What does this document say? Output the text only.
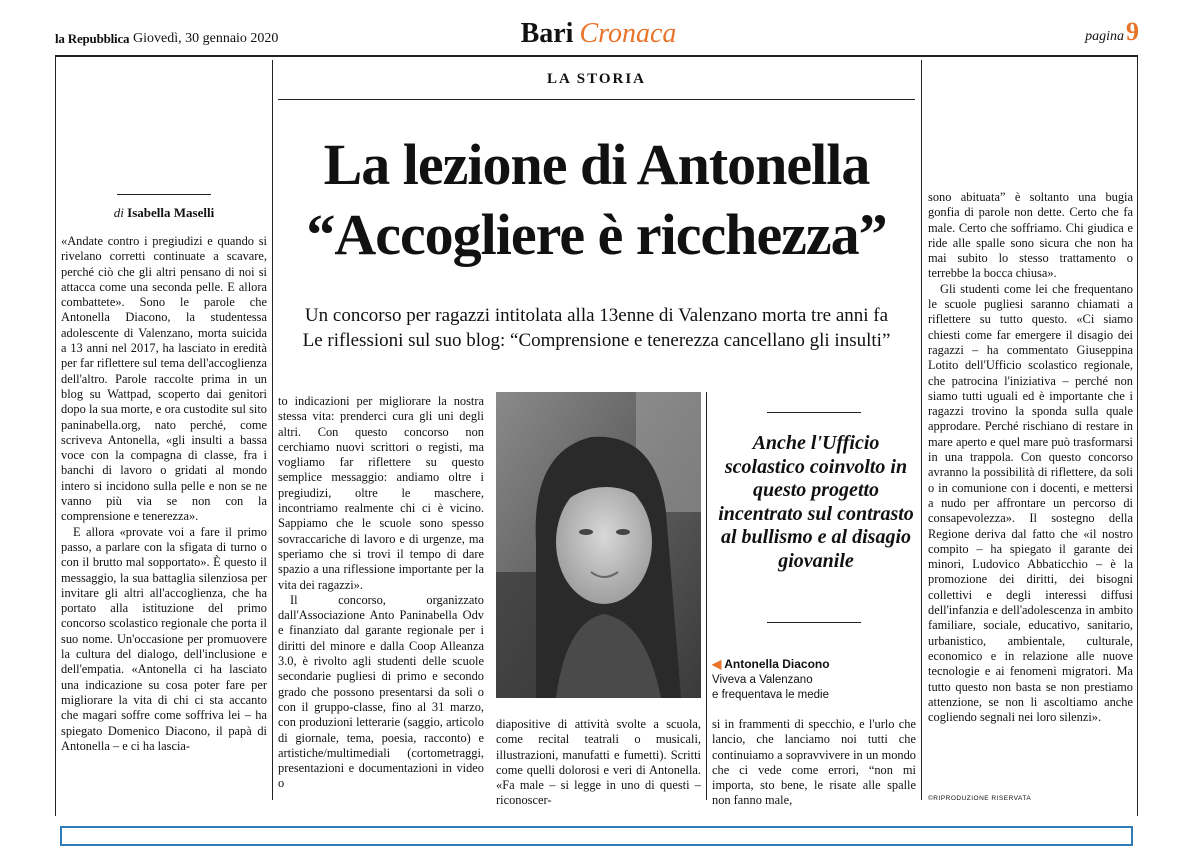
la Repubblica Giovedì, 30 gennaio 2020	Bari Cronaca	pagina9
LA STORIA
La lezione di Antonella
“Accogliere è ricchezza”
Un concorso per ragazzi intitolata alla 13enne di Valenzano morta tre anni fa
Le riflessioni sul suo blog: “Comprensione e tenerezza cancellano gli insulti”
di Isabella Maselli

«Andate contro i pregiudizi e quando si rivelano corretti continuate a scavare, perché ciò che gli altri pensano di noi si attacca come una seconda pelle. E allora combattete». Sono le parole che Antonella Diacono, la studentessa adolescente di Valenzano, morta suicida a 13 anni nel 2017, ha lasciato in eredità per far riflettere sul tema dell'accoglienza dell'altro. Parole raccolte prima in un blog su Wattpad, scoperto dai genitori dopo la sua morte, e ora custodite sul sito paninabella.org, nato perché, come scriveva Antonella, «gli insulti a bassa voce con la compagna di classe, fra i banchi di lavoro o gridati al mondo intero si incidono sulla pelle e non se ne vanno più via se non con la comprensione e tenerezza».

E allora «provate voi a fare il primo passo, a parlare con la sfigata di turno o con il brutto mal sopportato». È questo il messaggio, la sua battaglia silenziosa per invitare gli altri all'accoglienza, che ha portato alla istituzione del primo concorso scolastico regionale che porta il suo nome. Un'occasione per promuovere la cultura del dialogo, dell'inclusione e dell'empatia. «Antonella ci ha lasciato una indicazione su cosa poter fare per migliorare la vita di chi ci sta accanto che magari soffre come soffriva lei – ha spiegato Domenico Diacono, il papà di Antonella – e ci ha lascia-

to indicazioni per migliorare la nostra stessa vita: prenderci cura gli uni degli altri. Con questo concorso non cerchiamo nuovi scrittori o registi, ma vogliamo far riflettere su questo semplice messaggio: andiamo oltre i pregiudizi, oltre le maschere, incontriamo realmente chi ci è vicino. Sappiamo che le scuole sono spesso sovraccariche di lavoro e di urgenze, ma speriamo che si trovi il tempo di dare spazio a una riflessione importante per la vita dei ragazzi».

Il concorso, organizzato dall'Associazione Anto Paninabella Odv e finanziato dal garante regionale per i diritti del minore e dalla Coop Alleanza 3.0, è rivolto agli studenti delle scuole secondarie pugliesi di primo e secondo grado che possono presentarsi da soli o con il gruppo-classe, fino al 31 marzo, con produzioni letterarie (saggio, articolo di giornale, tema, poesia, racconto) e artistiche/multimediali (cortometraggi, presentazioni e documentazioni in video o

diapositive di attività svolte a scuola, come recital teatrali o musicali, illustrazioni, manufatti e fumetti). Scritti come quelli dolorosi e veri di Antonella. «Fa male – si legge in uno di questi – riconoscer-

◀ Antonella Diacono
Viveva a Valenzano
e frequentava le medie
Anche l'Ufficio scolastico coinvolto in questo progetto incentrato sul contrasto al bullismo e al disagio giovanile

si in frammenti di specchio, e l'urlo che lancio, che lanciamo noi tutti che continuiamo a sopravvivere in un mondo che ci vede come errori, “non mi importa, sto bene, le risate alle spalle non fanno male,

sono abituata” è soltanto una bugia gonfia di parole non dette. Certo che fa male. Certo che soffriamo. Chi giudica e ride alle spalle sono sicura che non ha mai subito lo stesso trattamento o terrebbe la bocca chiusa».

Gli studenti come lei che frequentano le scuole pugliesi saranno chiamati a riflettere su tutto questo. «Ci siamo chiesti come far emergere il disagio dei ragazzi – ha commentato Giuseppina Lotito dell'Ufficio scolastico regionale, che patrocina l'iniziativa – perché non siamo tutti uguali ed è importante che i ragazzi trovino la sponda sulla quale approdare. Perché rischiano di restare in mare aperto e quel mare può trasformarsi in una trappola. Con questo concorso avranno la possibilità di riflettere, da soli o in comunione con i docenti, e mettersi a nudo per affrontare un percorso di consapevolezza». Il sostegno della Regione deriva dal fatto che «il nostro compito – ha spiegato il garante dei minori, Ludovico Abbaticchio – è la promozione dei diritti, dei bisogni collettivi e degli interessi diffusi dell'infanzia e dell'adolescenza in ambito familiare, sociale, educativo, sanitario, urbanistico, ambientale, culturale, economico e in relazione alle nuove tecnologie e ai fenomeni migratori. Ma tutto questo non basta se non prestiamo attenzione, se non li ascoltiamo anche cogliendo segnali nei loro silenzi».

©RIPRODUZIONE RISERVATA
